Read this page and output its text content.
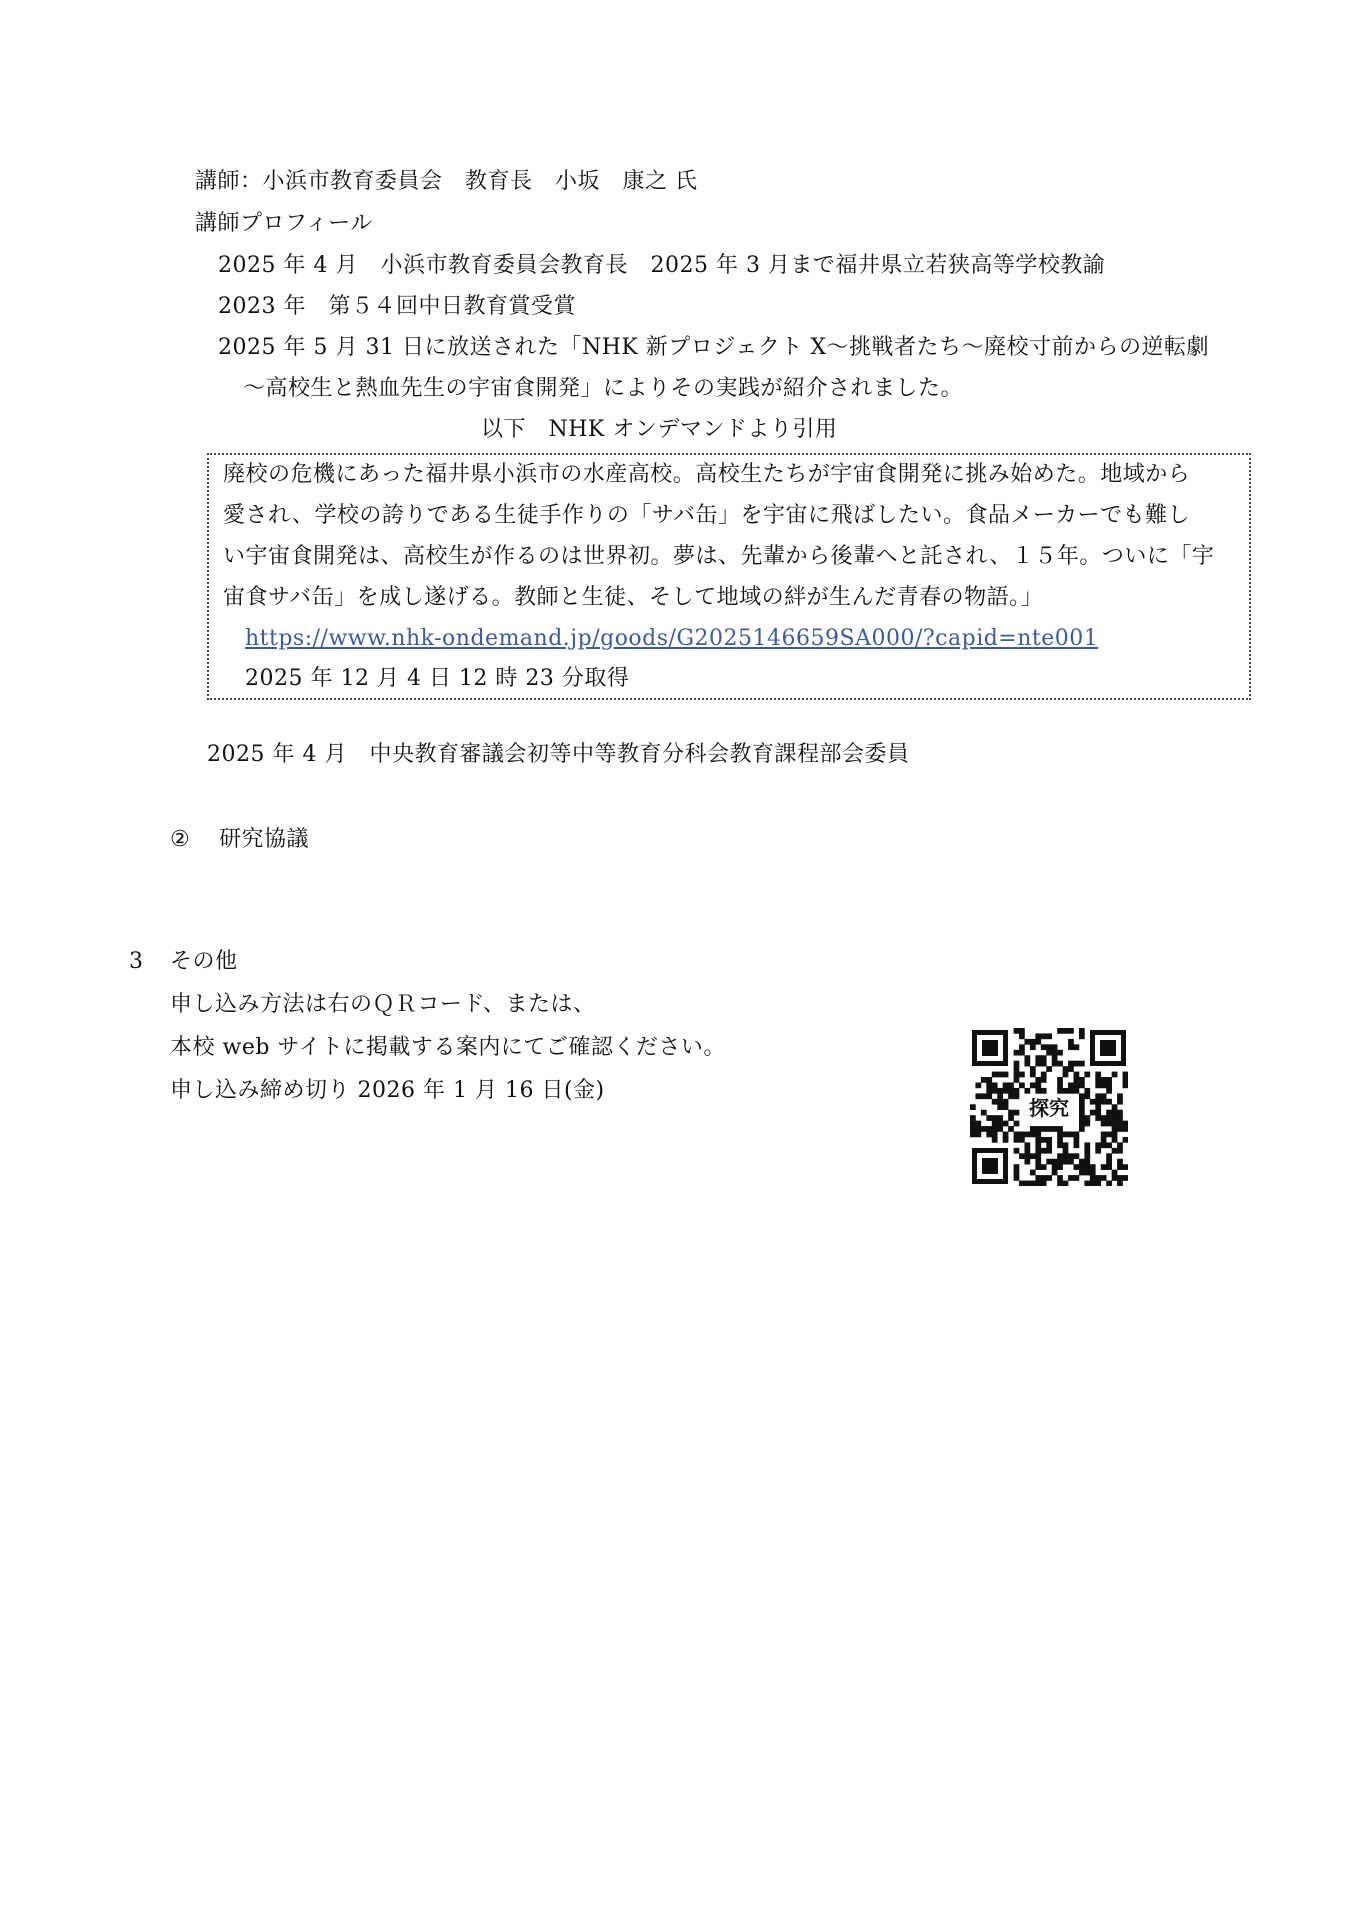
講師：小浜市教育委員会　教育長　小坂　康之 氏
講師プロフィール
2025 年 4 月　小浜市教育委員会教育長　2025 年 3 月まで福井県立若狭高等学校教諭
2023 年　第５４回中日教育賞受賞
2025 年 5 月 31 日に放送された「NHK 新プロジェクト X〜挑戦者たち〜廃校寸前からの逆転劇
〜高校生と熱血先生の宇宙食開発」によりその実践が紹介されました。
以下　NHK オンデマンドより引用
廃校の危機にあった福井県小浜市の水産高校。高校生たちが宇宙食開発に挑み始めた。地域から
愛され、学校の誇りである生徒手作りの「サバ缶」を宇宙に飛ばしたい。食品メーカーでも難し
い宇宙食開発は、高校生が作るのは世界初。夢は、先輩から後輩へと託され、１５年。ついに「宇
宙食サバ缶」を成し遂げる。教師と生徒、そして地域の絆が生んだ青春の物語。」
https://www.nhk-ondemand.jp/goods/G2025146659SA000/?capid=nte001
2025 年 12 月 4 日 12 時 23 分取得
2025 年 4 月　中央教育審議会初等中等教育分科会教育課程部会委員
② 研究協議
3 その他
申し込み方法は右のＱＲコード、または、
本校 web サイトに掲載する案内にてご確認ください。
申し込み締め切り 2026 年 1 月 16 日(金)
探究
